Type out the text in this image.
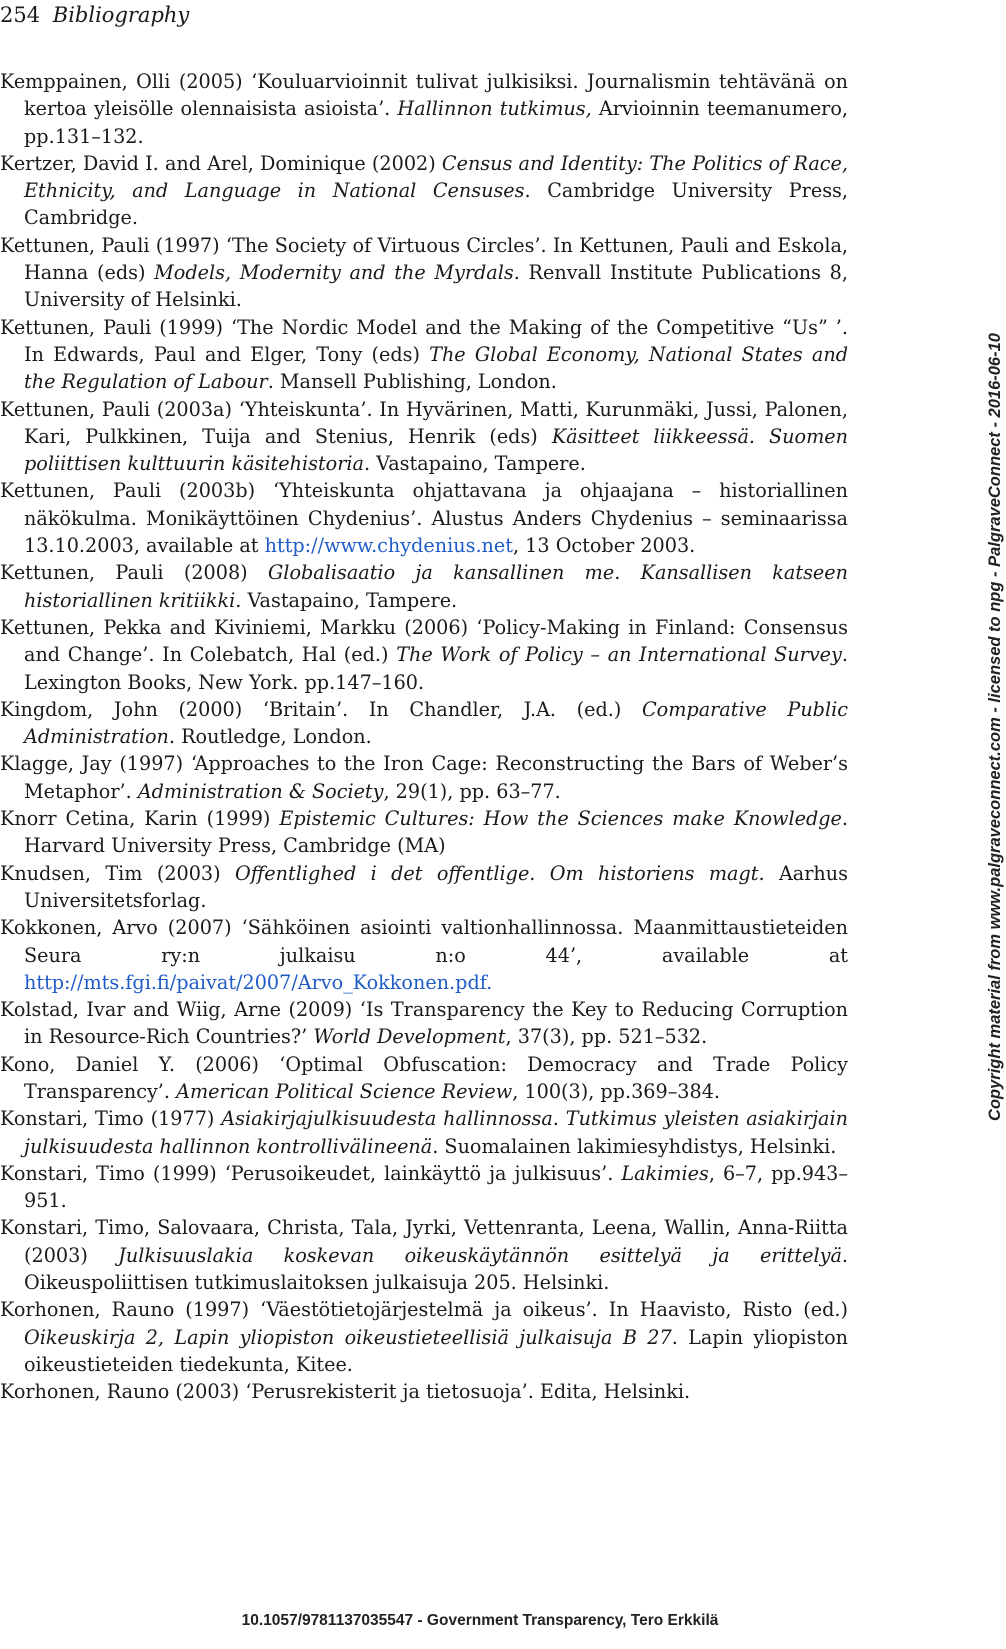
254 Bibliography

Kemppainen, Olli (2005) ‘Kouluarvioinnit tulivat julkisiksi. Journalismin tehtävänä on kertoa yleisölle olennaisista asioista’. Hallinnon tutkimus, Arvioinnin teemanumero, pp.131–132.

Kertzer, David I. and Arel, Dominique (2002) Census and Identity: The Politics of Race, Ethnicity, and Language in National Censuses. Cambridge University Press, Cambridge.

Kettunen, Pauli (1997) ‘The Society of Virtuous Circles’. In Kettunen, Pauli and Eskola, Hanna (eds) Models, Modernity and the Myrdals. Renvall Institute Publications 8, University of Helsinki.

Kettunen, Pauli (1999) ‘The Nordic Model and the Making of the Competitive “Us” ’. In Edwards, Paul and Elger, Tony (eds) The Global Economy, National States and the Regulation of Labour. Mansell Publishing, London.

Kettunen, Pauli (2003a) ‘Yhteiskunta’. In Hyvärinen, Matti, Kurunmäki, Jussi, Palonen, Kari, Pulkkinen, Tuija and Stenius, Henrik (eds) Käsitteet liikkeessä. Suomen poliittisen kulttuurin käsitehistoria. Vastapaino, Tampere.

Kettunen, Pauli (2003b) ‘Yhteiskunta ohjattavana ja ohjaajana – historiallinen näkökulma. Monikäyttöinen Chydenius’. Alustus Anders Chydenius – seminaarissa 13.10.2003, available at http://www.chydenius.net, 13 October 2003.

Kettunen, Pauli (2008) Globalisaatio ja kansallinen me. Kansallisen katseen historiallinen kritiikki. Vastapaino, Tampere.

Kettunen, Pekka and Kiviniemi, Markku (2006) ‘Policy-Making in Finland: Consensus and Change’. In Colebatch, Hal (ed.) The Work of Policy – an International Survey. Lexington Books, New York. pp.147–160.

Kingdom, John (2000) ‘Britain’. In Chandler, J.A. (ed.) Comparative Public Administration. Routledge, London.

Klagge, Jay (1997) ‘Approaches to the Iron Cage: Reconstructing the Bars of Weber’s Metaphor’. Administration & Society, 29(1), pp. 63–77.

Knorr Cetina, Karin (1999) Epistemic Cultures: How the Sciences make Knowledge. Harvard University Press, Cambridge (MA)

Knudsen, Tim (2003) Offentlighed i det offentlige. Om historiens magt. Aarhus Universitetsforlag.

Kokkonen, Arvo (2007) ‘Sähköinen asiointi valtionhallinnossa. Maanmittaustieteiden Seura ry:n julkaisu n:o 44’, available at http://mts.fgi.fi/paivat/2007/Arvo_Kokkonen.pdf.

Kolstad, Ivar and Wiig, Arne (2009) ‘Is Transparency the Key to Reducing Corruption in Resource-Rich Countries?’ World Development, 37(3), pp. 521–532.

Kono, Daniel Y. (2006) ‘Optimal Obfuscation: Democracy and Trade Policy Transparency’. American Political Science Review, 100(3), pp.369–384.

Konstari, Timo (1977) Asiakirjajulkisuudesta hallinnossa. Tutkimus yleisten asiakirjain julkisuudesta hallinnon kontrollivälineenä. Suomalainen lakimiesyhdistys, Helsinki.

Konstari, Timo (1999) ‘Perusoikeudet, lainkäyttö ja julkisuus’. Lakimies, 6–7, pp.943–951.

Konstari, Timo, Salovaara, Christa, Tala, Jyrki, Vettenranta, Leena, Wallin, Anna-Riitta (2003) Julkisuuslakia koskevan oikeuskäytännön esittelyä ja erittelyä. Oikeuspoliittisen tutkimuslaitoksen julkaisuja 205. Helsinki.

Korhonen, Rauno (1997) ‘Väestötietojärjestelmä ja oikeus’. In Haavisto, Risto (ed.) Oikeuskirja 2, Lapin yliopiston oikeustieteellisiä julkaisuja B 27. Lapin yliopiston oikeustieteiden tiedekunta, Kitee.

Korhonen, Rauno (2003) ‘Perusrekisterit ja tietosuoja’. Edita, Helsinki.

Copyright material from www.palgraveconnect.com - licensed to npg - PalgraveConnect - 2016-06-10
10.1057/9781137035547 - Government Transparency, Tero Erkkilä
